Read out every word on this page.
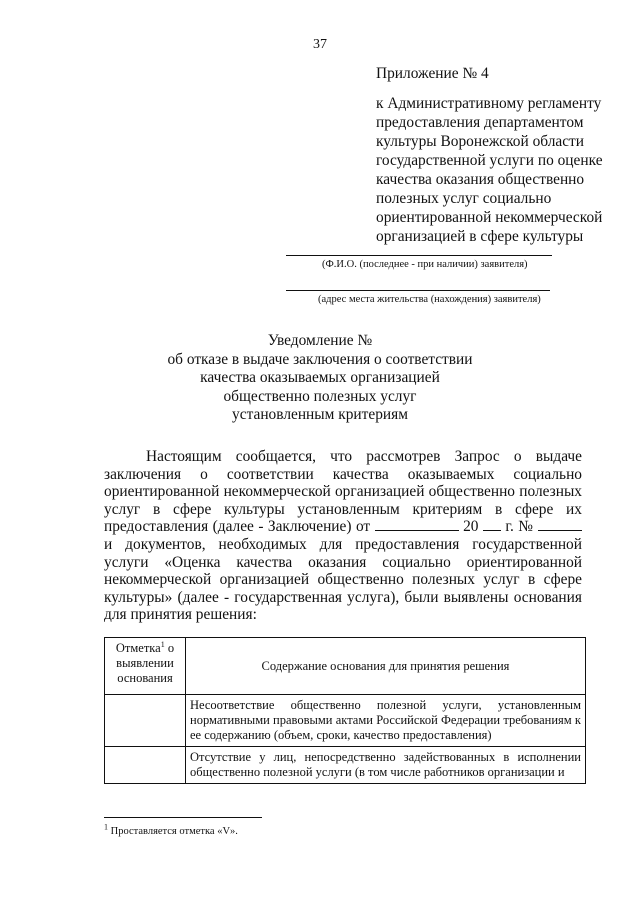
37
Приложение № 4
к Административному регламенту
предоставления департаментом
культуры Воронежской области
государственной услуги по оценке
качества оказания общественно
полезных услуг социально
ориентированной некоммерческой
организацией в сфере культуры
(Ф.И.О. (последнее - при наличии) заявителя)
(адрес места жительства (нахождения) заявителя)
Уведомление №
об отказе в выдаче заключения о соответствии
качества оказываемых организацией
общественно полезных услуг
установленным критериям

Настоящим сообщается, что рассмотрев Запрос о выдаче заключения о соответствии качества оказываемых социально ориентированной некоммерческой организацией общественно полезных услуг в сфере культуры установленным критериям в сфере их предоставления (далее - Заключение) от	20 г. №  и документов, необходимых для предоставления государственной услуги «Оценка качества оказания социально ориентированной некоммерческой организацией общественно полезных услуг в сфере культуры» (далее - государственная услуга), были выявлены основания для принятия решения:

Отметка$^1$ о выявлении основания	Содержание основания для принятия решения
	Несоответствие общественно полезной услуги, установленным нормативными правовыми актами Российской Федерации требованиям к ее содержанию (объем, сроки, качество предоставления)
	Отсутствие у лиц, непосредственно задействованных в исполнении общественно полезной услуги (в том числе работников организации и
$^1$ Проставляется отметка «V».
